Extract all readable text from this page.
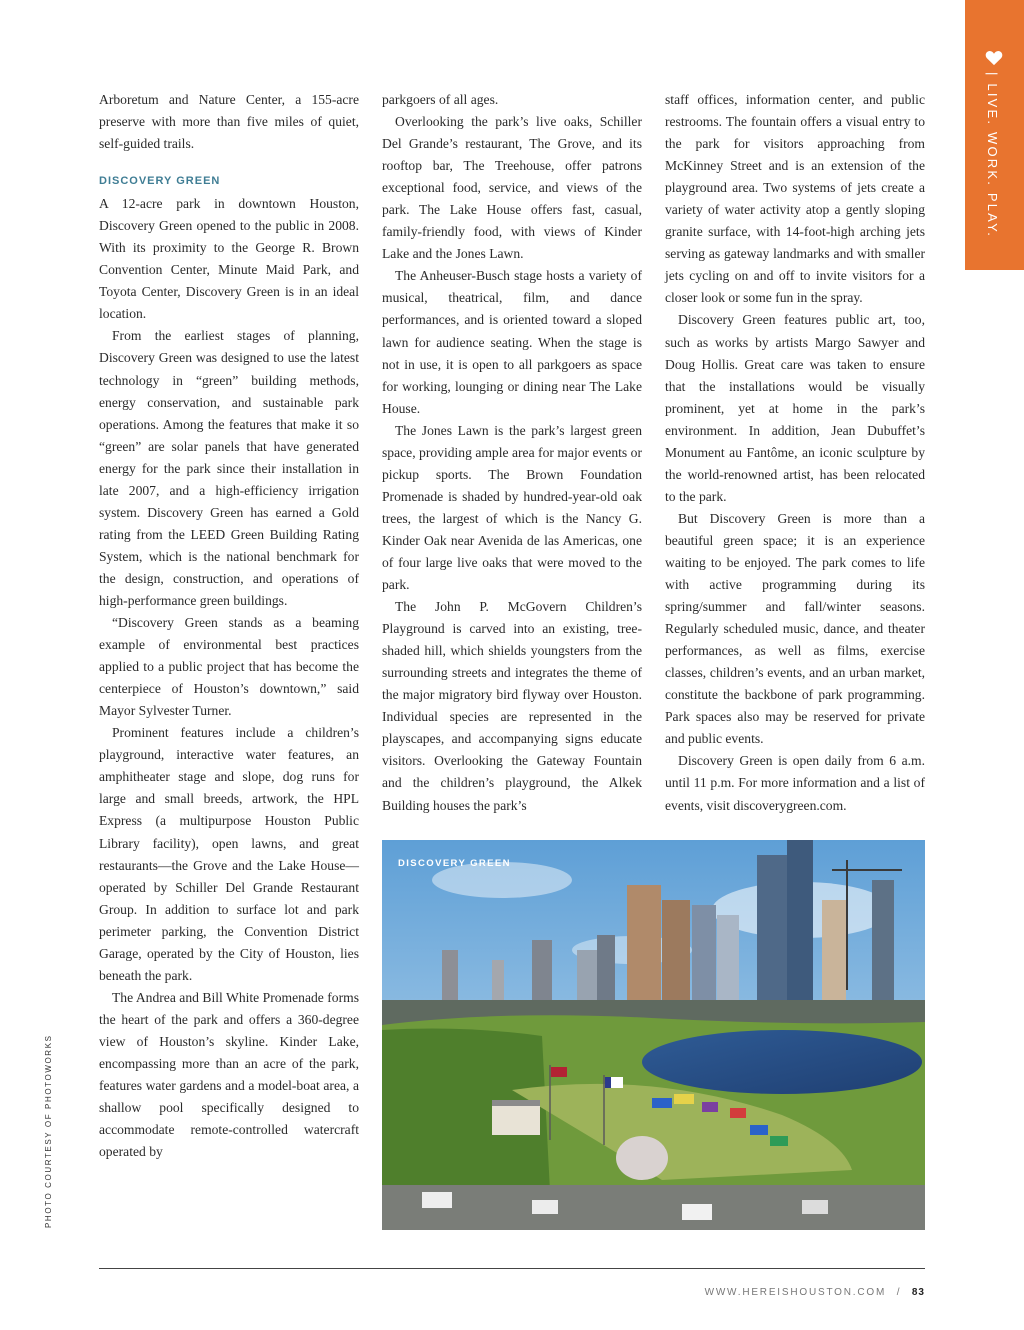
| LIVE. WORK. PLAY.

Arboretum and Nature Center, a 155-acre preserve with more than five miles of quiet, self-guided trails.

DISCOVERY GREEN

A 12-acre park in downtown Houston, Discovery Green opened to the public in 2008. With its proximity to the George R. Brown Convention Center, Minute Maid Park, and Toyota Center, Discovery Green is in an ideal location.

From the earliest stages of planning, Discovery Green was designed to use the latest technology in “green” building methods, energy conservation, and sustainable park operations. Among the features that make it so “green” are solar panels that have generated energy for the park since their installation in late 2007, and a high-efficiency irrigation system. Discovery Green has earned a Gold rating from the LEED Green Building Rating System, which is the national benchmark for the design, construction, and operations of high-performance green buildings.

“Discovery Green stands as a beaming example of environmental best practices applied to a public project that has become the centerpiece of Houston’s downtown,” said Mayor Sylvester Turner.

Prominent features include a children’s playground, interactive water features, an amphitheater stage and slope, dog runs for large and small breeds, artwork, the HPL Express (a multipurpose Houston Public Library facility), open lawns, and great restaurants—the Grove and the Lake House—operated by Schiller Del Grande Restaurant Group. In addition to surface lot and park perimeter parking, the Convention District Garage, operated by the City of Houston, lies beneath the park.

The Andrea and Bill White Promenade forms the heart of the park and offers a 360-degree view of Houston’s skyline. Kinder Lake, encompassing more than an acre of the park, features water gardens and a model-boat area, a shallow pool specifically designed to accommodate remote-controlled watercraft operated by

parkgoers of all ages.

Overlooking the park’s live oaks, Schiller Del Grande’s restaurant, The Grove, and its rooftop bar, The Treehouse, offer patrons exceptional food, service, and views of the park. The Lake House offers fast, casual, family-friendly food, with views of Kinder Lake and the Jones Lawn.

The Anheuser-Busch stage hosts a variety of musical, theatrical, film, and dance performances, and is oriented toward a sloped lawn for audience seating. When the stage is not in use, it is open to all parkgoers as space for working, lounging or dining near The Lake House.

The Jones Lawn is the park’s largest green space, providing ample area for major events or pickup sports. The Brown Foundation Promenade is shaded by hundred-year-old oak trees, the largest of which is the Nancy G. Kinder Oak near Avenida de las Americas, one of four large live oaks that were moved to the park.

The John P. McGovern Children’s Playground is carved into an existing, tree-shaded hill, which shields youngsters from the surrounding streets and integrates the theme of the major migratory bird flyway over Houston. Individual species are represented in the playscapes, and accompanying signs educate visitors. Overlooking the Gateway Fountain and the children’s playground, the Alkek Building houses the park’s

staff offices, information center, and public restrooms. The fountain offers a visual entry to the park for visitors approaching from McKinney Street and is an extension of the playground area. Two systems of jets create a variety of water activity atop a gently sloping granite surface, with 14-foot-high arching jets serving as gateway landmarks and with smaller jets cycling on and off to invite visitors for a closer look or some fun in the spray.

Discovery Green features public art, too, such as works by artists Margo Sawyer and Doug Hollis. Great care was taken to ensure that the installations would be visually prominent, yet at home in the park’s environment. In addition, Jean Dubuffet’s Monument au Fantôme, an iconic sculpture by the world-renowned artist, has been relocated to the park.

But Discovery Green is more than a beautiful green space; it is an experience waiting to be enjoyed. The park comes to life with active programming during its spring/summer and fall/winter seasons. Regularly scheduled music, dance, and theater performances, as well as films, exercise classes, children’s events, and an urban market, constitute the backbone of park programming. Park spaces also may be reserved for private and public events.

Discovery Green is open daily from 6 a.m. until 11 p.m. For more information and a list of events, visit discoverygreen.com.

DISCOVERY GREEN
PHOTO COURTESY OF PHOTOWORKS
WWW.HEREISHOUSTON.COM / 83
